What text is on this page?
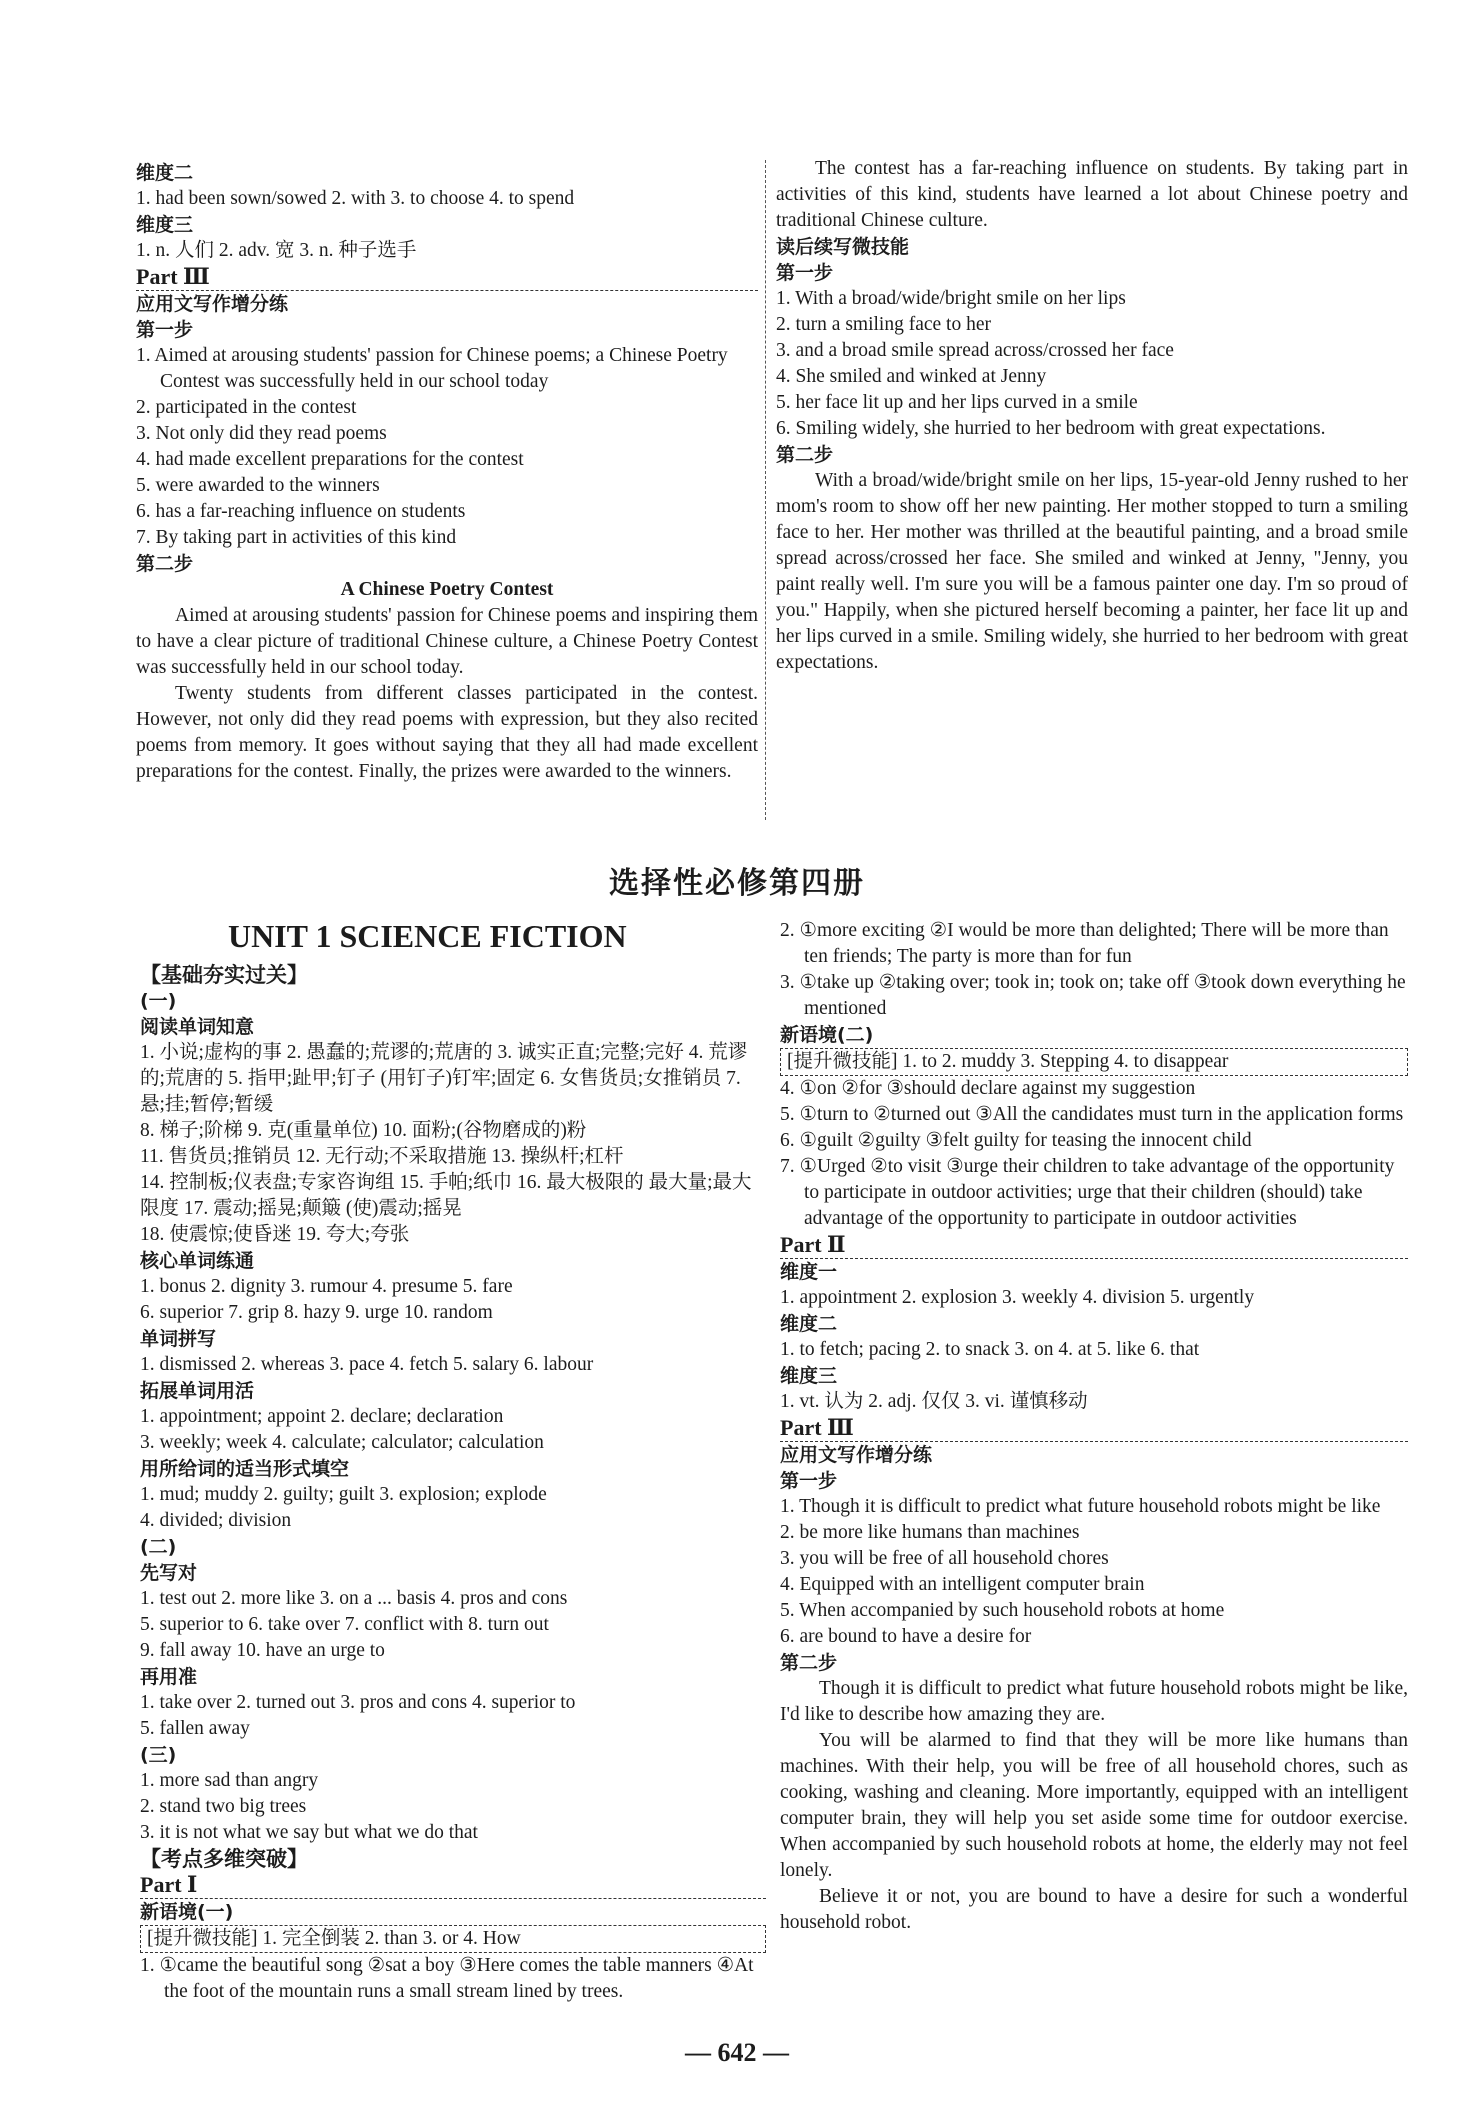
维度二

1. had been sown/sowed 2. with 3. to choose 4. to spend

维度三

1. n. 人们 2. adv. 宽 3. n. 种子选手

Part Ⅲ

应用文写作增分练

第一步

1. Aimed at arousing students' passion for Chinese poems; a Chinese Poetry Contest was successfully held in our school today

2. participated in the contest

3. Not only did they read poems

4. had made excellent preparations for the contest

5. were awarded to the winners

6. has a far-reaching influence on students

7. By taking part in activities of this kind

第二步

A Chinese Poetry Contest

Aimed at arousing students' passion for Chinese poems and inspiring them to have a clear picture of traditional Chinese culture, a Chinese Poetry Contest was successfully held in our school today.

Twenty students from different classes participated in the contest. However, not only did they read poems with expression, but they also recited poems from memory. It goes without saying that they all had made excellent preparations for the contest. Finally, the prizes were awarded to the winners.

The contest has a far-reaching influence on students. By taking part in activities of this kind, students have learned a lot about Chinese poetry and traditional Chinese culture.

读后续写微技能

第一步

1. With a broad/wide/bright smile on her lips

2. turn a smiling face to her

3. and a broad smile spread across/crossed her face

4. She smiled and winked at Jenny

5. her face lit up and her lips curved in a smile

6. Smiling widely, she hurried to her bedroom with great expectations.

第二步

With a broad/wide/bright smile on her lips, 15-year-old Jenny rushed to her mom's room to show off her new painting. Her mother stopped to turn a smiling face to her. Her mother was thrilled at the beautiful painting, and a broad smile spread across/crossed her face. She smiled and winked at Jenny, "Jenny, you paint really well. I'm sure you will be a famous painter one day. I'm so proud of you." Happily, when she pictured herself becoming a painter, her face lit up and her lips curved in a smile. Smiling widely, she hurried to her bedroom with great expectations.

选择性必修第四册
UNIT 1 SCIENCE FICTION

【基础夯实过关】

(一)

阅读单词知意

1. 小说;虚构的事 2. 愚蠢的;荒谬的;荒唐的 3. 诚实正直;完整;完好 4. 荒谬的;荒唐的 5. 指甲;趾甲;钉子 (用钉子)钉牢;固定 6. 女售货员;女推销员 7. 悬;挂;暂停;暂缓

8. 梯子;阶梯 9. 克(重量单位) 10. 面粉;(谷物磨成的)粉

11. 售货员;推销员 12. 无行动;不采取措施 13. 操纵杆;杠杆

14. 控制板;仪表盘;专家咨询组 15. 手帕;纸巾 16. 最大极限的 最大量;最大限度 17. 震动;摇晃;颠簸 (使)震动;摇晃

18. 使震惊;使昏迷 19. 夸大;夸张

核心单词练通

1. bonus 2. dignity 3. rumour 4. presume 5. fare

6. superior 7. grip 8. hazy 9. urge 10. random

单词拼写

1. dismissed 2. whereas 3. pace 4. fetch 5. salary 6. labour

拓展单词用活

1. appointment; appoint 2. declare; declaration

3. weekly; week 4. calculate; calculator; calculation

用所给词的适当形式填空

1. mud; muddy 2. guilty; guilt 3. explosion; explode

4. divided; division

(二)

先写对

1. test out 2. more like 3. on a ... basis 4. pros and cons

5. superior to 6. take over 7. conflict with 8. turn out

9. fall away 10. have an urge to

再用准

1. take over 2. turned out 3. pros and cons 4. superior to

5. fallen away

(三)

1. more sad than angry

2. stand two big trees

3. it is not what we say but what we do that

【考点多维突破】

Part Ⅰ

新语境(一)

[提升微技能] 1. 完全倒装 2. than 3. or 4. How

1. ①came the beautiful song ②sat a boy ③Here comes the table manners ④At the foot of the mountain runs a small stream lined by trees.

2. ①more exciting ②I would be more than delighted; There will be more than ten friends; The party is more than for fun

3. ①take up ②taking over; took in; took on; take off ③took down everything he mentioned

新语境(二)

[提升微技能] 1. to 2. muddy 3. Stepping 4. to disappear

4. ①on ②for ③should declare against my suggestion

5. ①turn to ②turned out ③All the candidates must turn in the application forms

6. ①guilt ②guilty ③felt guilty for teasing the innocent child

7. ①Urged ②to visit ③urge their children to take advantage of the opportunity to participate in outdoor activities; urge that their children (should) take advantage of the opportunity to participate in outdoor activities

Part Ⅱ

维度一

1. appointment 2. explosion 3. weekly 4. division 5. urgently

维度二

1. to fetch; pacing 2. to snack 3. on 4. at 5. like 6. that

维度三

1. vt. 认为 2. adj. 仅仅 3. vi. 谨慎移动

Part Ⅲ

应用文写作增分练

第一步

1. Though it is difficult to predict what future household robots might be like

2. be more like humans than machines

3. you will be free of all household chores

4. Equipped with an intelligent computer brain

5. When accompanied by such household robots at home

6. are bound to have a desire for

第二步

Though it is difficult to predict what future household robots might be like, I'd like to describe how amazing they are.

You will be alarmed to find that they will be more like humans than machines. With their help, you will be free of all household chores, such as cooking, washing and cleaning. More importantly, equipped with an intelligent computer brain, they will help you set aside some time for outdoor exercise. When accompanied by such household robots at home, the elderly may not feel lonely.

Believe it or not, you are bound to have a desire for such a wonderful household robot.

— 642 —
